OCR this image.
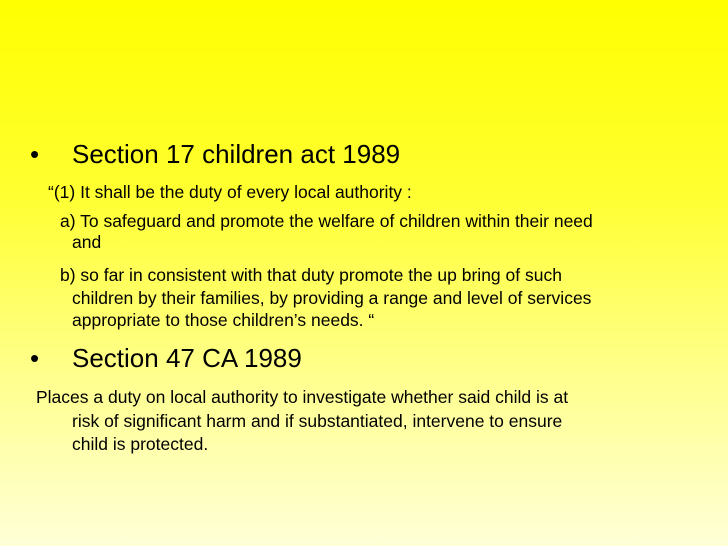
• Section 17 children act 1989
“(1) It shall be the duty of every local authority :
a) To safeguard and promote the welfare of children within their need
and
b) so far in consistent with that duty promote the up bring of such
children by their families, by providing a range and level of services
appropriate to those children’s needs. “
• Section 47 CA 1989
Places a duty on local authority to investigate whether said child is at
risk of significant harm and if substantiated, intervene to ensure
child is protected.
